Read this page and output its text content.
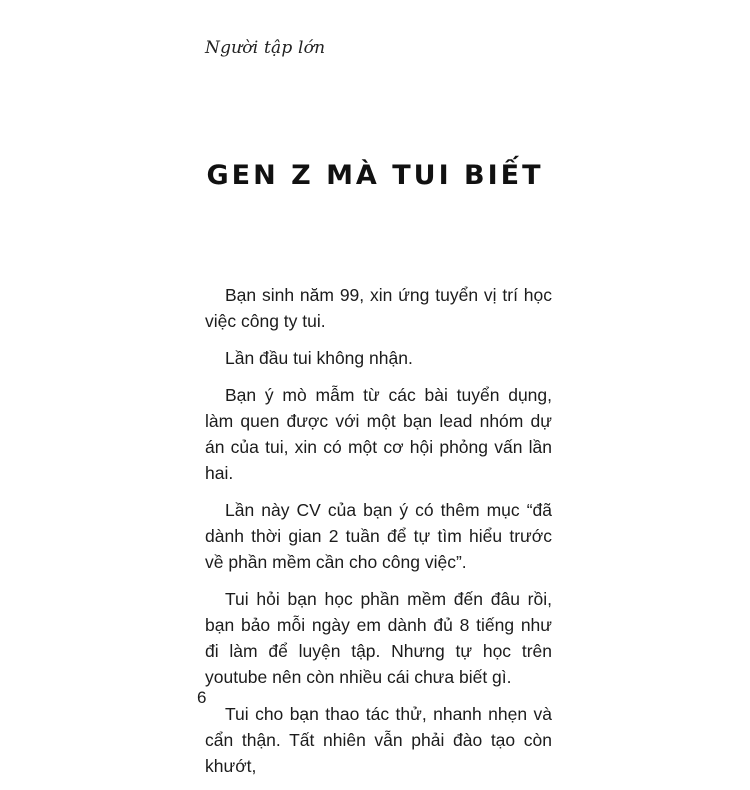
Người tập lớn
GEN Z MÀ TUI BIẾT

Bạn sinh năm 99, xin ứng tuyển vị trí học việc công ty tui.

Lần đầu tui không nhận.

Bạn ý mò mẫm từ các bài tuyển dụng, làm quen được với một bạn lead nhóm dự án của tui, xin có một cơ hội phỏng vấn lần hai.

Lần này CV của bạn ý có thêm mục “đã dành thời gian 2 tuần để tự tìm hiểu trước về phần mềm cần cho công việc”.

Tui hỏi bạn học phần mềm đến đâu rồi, bạn bảo mỗi ngày em dành đủ 8 tiếng như đi làm để luyện tập. Nhưng tự học trên youtube nên còn nhiều cái chưa biết gì.

Tui cho bạn thao tác thử, nhanh nhẹn và cẩn thận. Tất nhiên vẫn phải đào tạo còn khướt,

6
